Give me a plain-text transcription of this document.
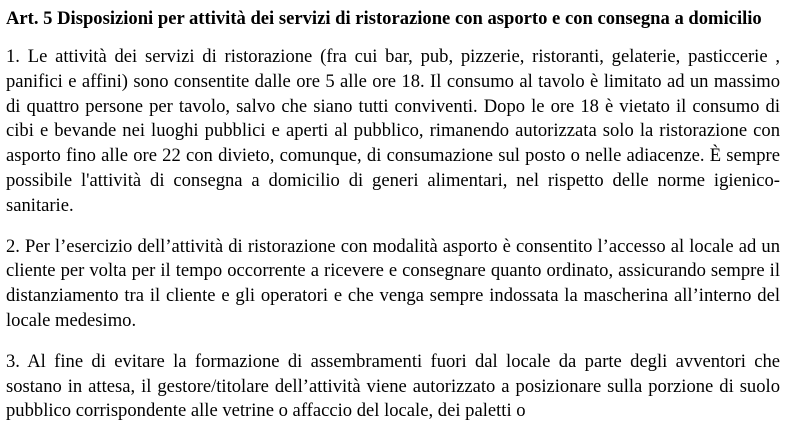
Art. 5 Disposizioni per attività dei servizi di ristorazione con asporto e con consegna a domicilio

1. Le attività dei servizi di ristorazione (fra cui bar, pub, pizzerie, ristoranti, gelaterie, pasticcerie , panifici e affini) sono consentite dalle ore 5 alle ore 18. Il consumo al tavolo è limitato ad un massimo di quattro persone per tavolo, salvo che siano tutti conviventi. Dopo le ore 18 è vietato il consumo di cibi e bevande nei luoghi pubblici e aperti al pubblico, rimanendo autorizzata solo la ristorazione con asporto fino alle ore 22 con divieto, comunque, di consumazione sul posto o nelle adiacenze. È sempre possibile l'attività di consegna a domicilio di generi alimentari, nel rispetto delle norme igienico- sanitarie.

2. Per l’esercizio dell’attività di ristorazione con modalità asporto è consentito l’accesso al locale ad un cliente per volta per il tempo occorrente a ricevere e consegnare quanto ordinato, assicurando sempre il distanziamento tra il cliente e gli operatori e che venga sempre indossata la mascherina all’interno del locale medesimo.

3. Al fine di evitare la formazione di assembramenti fuori dal locale da parte degli avventori che sostano in attesa, il gestore/titolare dell’attività viene autorizzato a posizionare sulla porzione di suolo pubblico corrispondente alle vetrine o affaccio del locale, dei paletti o
